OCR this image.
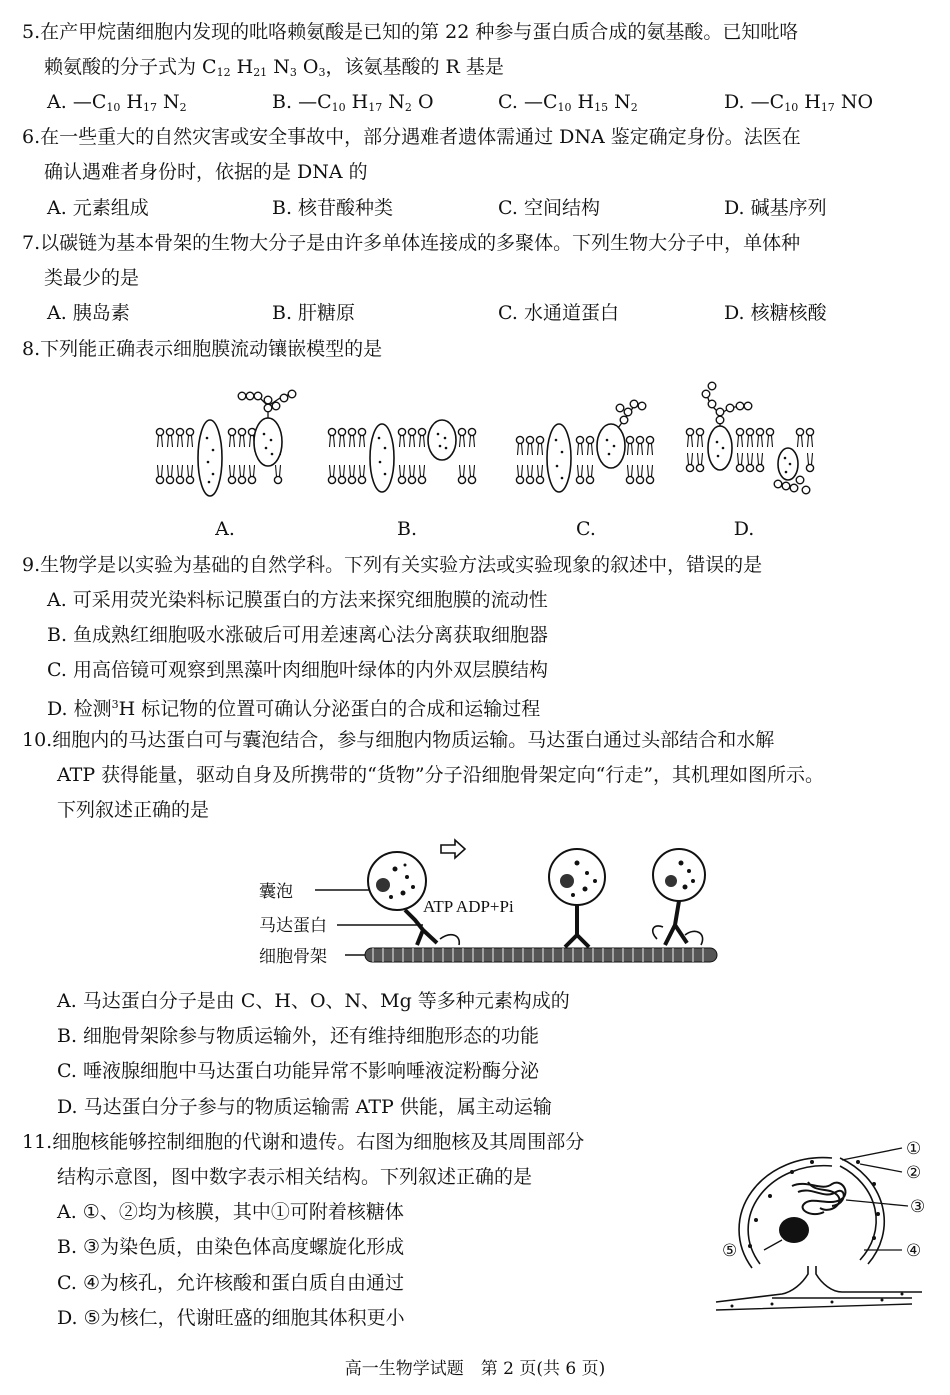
5.在产甲烷菌细胞内发现的吡咯赖氨酸是已知的第 22 种参与蛋白质合成的氨基酸。已知吡咯
赖氨酸的分子式为 $C_{12}$ $H_{21}$ $N_3$ $O_3$，该氨基酸的 R 基是
A. $—C_{10}$ $H_{17}$ $N_2$	B. $—C_{10}$ $H_{17}$ $N_2$ O	C. $—C_{10}$ $H_{15}$ $N_2$	D. $—C_{10}$ $H_{17}$ NO
6.在一些重大的自然灾害或安全事故中，部分遇难者遗体需通过 DNA 鉴定确定身份。法医在
确认遇难者身份时，依据的是 DNA 的
A. 元素组成	B. 核苷酸种类	C. 空间结构	D. 碱基序列
7.以碳链为基本骨架的生物大分子是由许多单体连接成的多聚体。下列生物大分子中，单体种
类最少的是
A. 胰岛素	B. 肝糖原	C. 水通道蛋白	D. 核糖核酸
8.下列能正确表示细胞膜流动镶嵌模型的是
A.	B.	C.	D.
9.生物学是以实验为基础的自然学科。下列有关实验方法或实验现象的叙述中，错误的是
A. 可采用荧光染料标记膜蛋白的方法来探究细胞膜的流动性
B. 鱼成熟红细胞吸水涨破后可用差速离心法分离获取细胞器
C. 用高倍镜可观察到黑藻叶肉细胞叶绿体的内外双层膜结构
D. 检测$^3$H 标记物的位置可确认分泌蛋白的合成和运输过程
10.细胞内的马达蛋白可与囊泡结合，参与细胞内物质运输。马达蛋白通过头部结合和水解
ATP 获得能量，驱动自身及所携带的“货物”分子沿细胞骨架定向“行走”，其机理如图所示。
下列叙述正确的是
ATP ADP+Pi
囊泡
马达蛋白
细胞骨架
A. 马达蛋白分子是由 C、H、O、N、Mg 等多种元素构成的
B. 细胞骨架除参与物质运输外，还有维持细胞形态的功能
C. 唾液腺细胞中马达蛋白功能异常不影响唾液淀粉酶分泌
D. 马达蛋白分子参与的物质运输需 ATP 供能，属主动运输
11.细胞核能够控制细胞的代谢和遗传。右图为细胞核及其周围部分
结构示意图，图中数字表示相关结构。下列叙述正确的是
A. ①、②均为核膜，其中①可附着核糖体
B. ③为染色质，由染色体高度螺旋化形成
C. ④为核孔，允许核酸和蛋白质自由通过
D. ⑤为核仁，代谢旺盛的细胞其体积更小
①
②
③
④
⑤
高一生物学试题　第 2 页(共 6 页)
